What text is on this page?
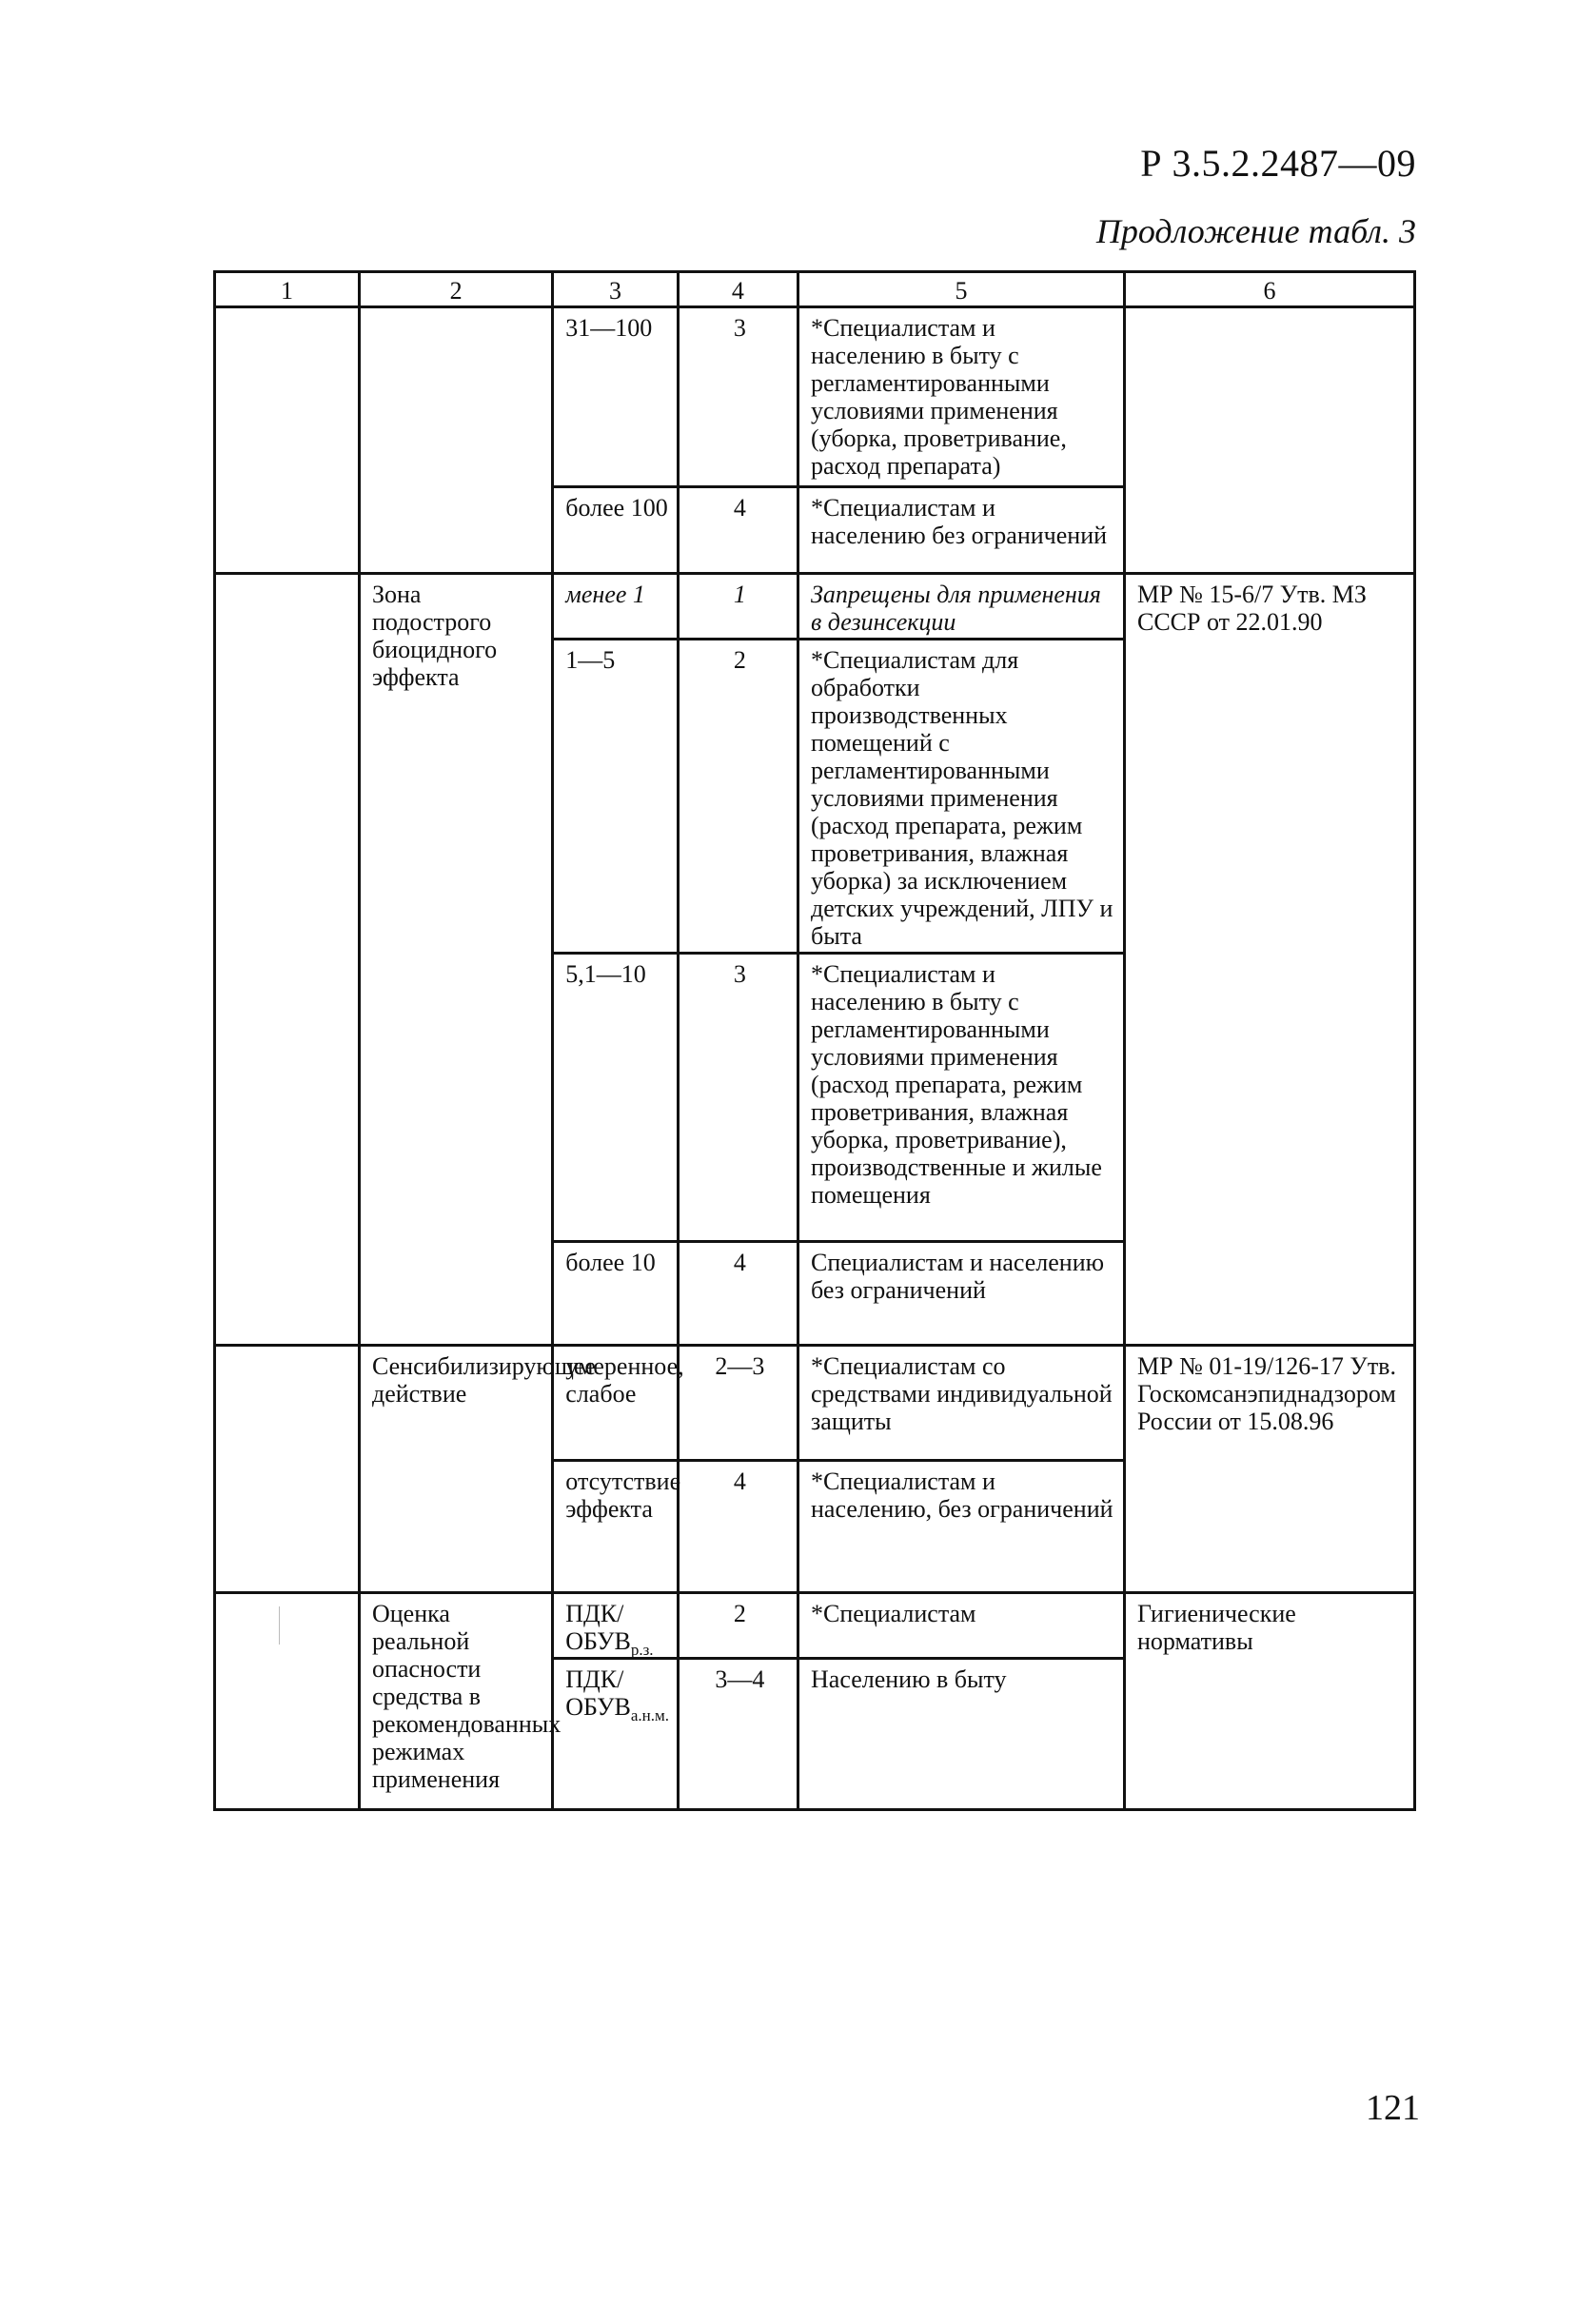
Р 3.5.2.2487—09
Продложение табл. 3
1	2	3	4	5	6
		31—100	3	*Специалистам и населению в быту с регламентированными условиями применения (уборка, проветривание, расход препарата)	
		более 100	4	*Специалистам и населению без ограничений	
	Зона подострого биоцидного эффекта	менее 1	1	Запрещены для применения в дезинсекции	МР № 15-6/7 Утв. МЗ СССР от 22.01.90
		1—5	2	*Специалистам для обработки производственных помещений с регламентированными условиями применения (расход препарата, режим проветривания, влажная уборка) за исключением детских учреждений, ЛПУ и быта	
		5,1—10	3	*Специалистам и населению в быту с регламентированными условиями применения (расход препарата, режим проветривания, влажная уборка, проветривание), производственные и жилые помещения	
		более 10	4	Специалистам и населению без ограничений	
	Сенсибилизирующее действие	умеренное, слабое	2—3	*Специалистам со средствами индивидуальной защиты	МР № 01-19/126-17 Утв. Госкомсанэпиднадзором России от 15.08.96
		отсутствие эффекта	4	*Специалистам и населению, без ограничений	
	Оценка реальной опасности средства в рекомендованных режимах применения	ПДК/$ОБУВ_{р.з.}$	2	*Специалистам	Гигиенические нормативы
		ПДК/$ОБУВ_{а.н.м.}$	3—4	Населению в быту	
121
